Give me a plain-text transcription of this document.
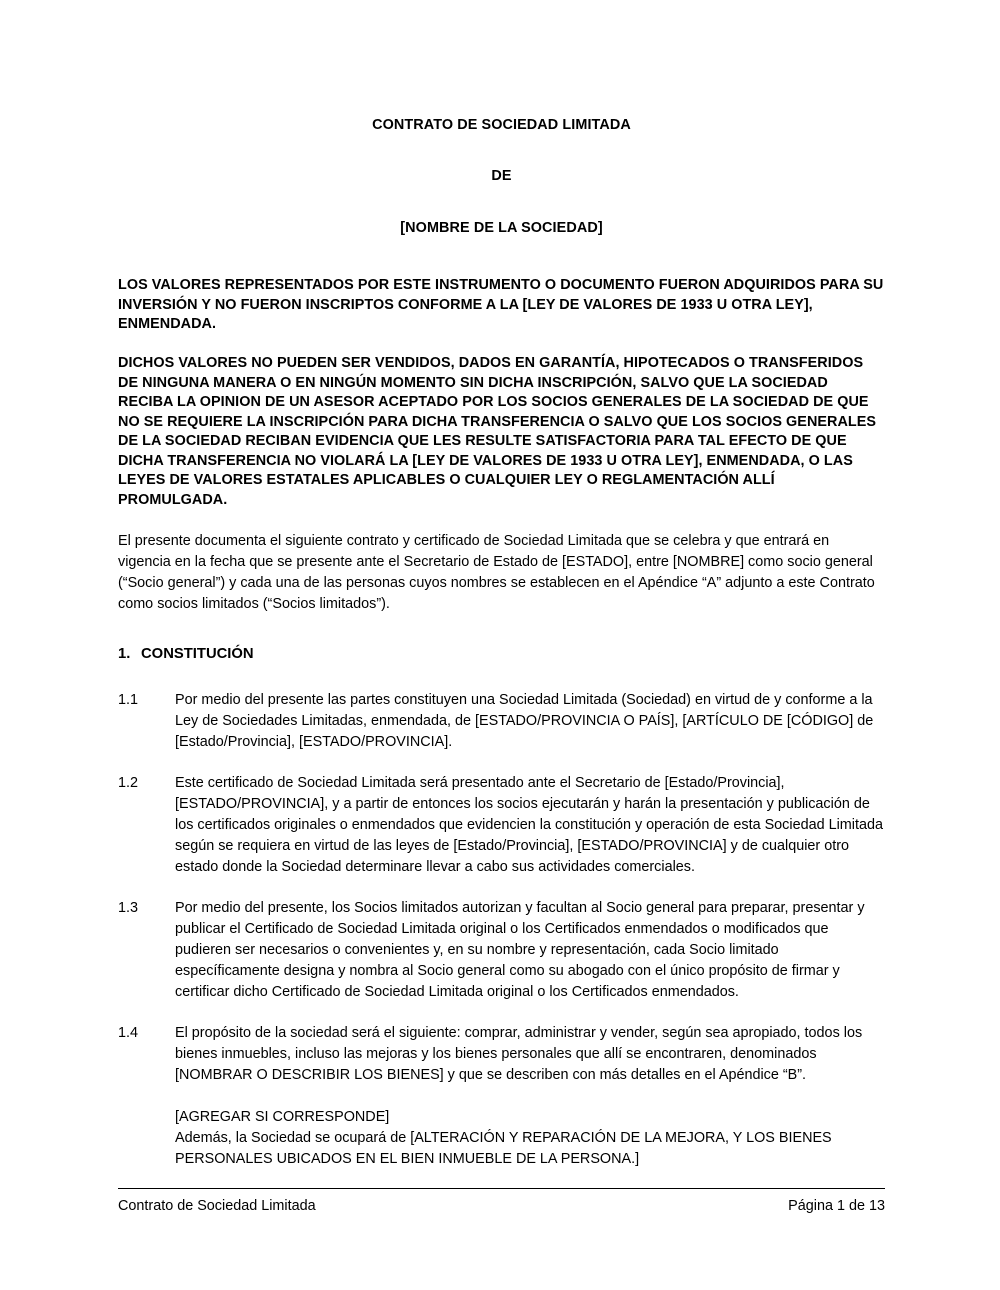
CONTRATO DE SOCIEDAD LIMITADA
DE
[NOMBRE DE LA SOCIEDAD]

LOS VALORES REPRESENTADOS POR ESTE INSTRUMENTO O DOCUMENTO FUERON ADQUIRIDOS PARA SU INVERSIÓN Y NO FUERON INSCRIPTOS CONFORME A LA [LEY DE VALORES DE 1933 U OTRA LEY], ENMENDADA.

DICHOS VALORES NO PUEDEN SER VENDIDOS, DADOS EN GARANTÍA, HIPOTECADOS O TRANSFERIDOS DE NINGUNA MANERA O EN NINGÚN MOMENTO SIN DICHA INSCRIPCIÓN, SALVO QUE LA SOCIEDAD RECIBA LA OPINION DE UN ASESOR ACEPTADO POR LOS SOCIOS GENERALES DE LA SOCIEDAD DE QUE NO SE REQUIERE LA INSCRIPCIÓN PARA DICHA TRANSFERENCIA O SALVO QUE LOS SOCIOS GENERALES DE LA SOCIEDAD RECIBAN EVIDENCIA QUE LES RESULTE SATISFACTORIA PARA TAL EFECTO DE QUE DICHA TRANSFERENCIA NO VIOLARÁ LA [LEY DE VALORES DE 1933 U OTRA LEY], ENMENDADA, O LAS LEYES DE VALORES ESTATALES APLICABLES O CUALQUIER LEY O REGLAMENTACIÓN ALLÍ PROMULGADA.

El presente documenta el siguiente contrato y certificado de Sociedad Limitada que se celebra y que entrará en vigencia en la fecha que se presente ante el Secretario de Estado de [ESTADO], entre [NOMBRE] como socio general (“Socio general”) y cada una de las personas cuyos nombres se establecen en el Apéndice “A” adjunto a este Contrato como socios limitados (“Socios limitados”).

1. CONSTITUCIÓN
1.1	Por medio del presente las partes constituyen una Sociedad Limitada (Sociedad) en virtud de y conforme a la Ley de Sociedades Limitadas, enmendada, de [ESTADO/PROVINCIA O PAÍS], [ARTÍCULO DE [CÓDIGO] de [Estado/Provincia], [ESTADO/PROVINCIA].

1.2	Este certificado de Sociedad Limitada será presentado ante el Secretario de [Estado/Provincia], [ESTADO/PROVINCIA], y a partir de entonces los socios ejecutarán y harán la presentación y publicación de los certificados originales o enmendados que evidencien la constitución y operación de esta Sociedad Limitada según se requiera en virtud de las leyes de [Estado/Provincia], [ESTADO/PROVINCIA] y de cualquier otro estado donde la Sociedad determinare llevar a cabo sus actividades comerciales.

1.3	Por medio del presente, los Socios limitados autorizan y facultan al Socio general para preparar, presentar y publicar el Certificado de Sociedad Limitada original o los Certificados enmendados o modificados que pudieren ser necesarios o convenientes y, en su nombre y representación, cada Socio limitado específicamente designa y nombra al Socio general como su abogado con el único propósito de firmar y certificar dicho Certificado de Sociedad Limitada original o los Certificados enmendados.

1.4	El propósito de la sociedad será el siguiente: comprar, administrar y vender, según sea apropiado, todos los bienes inmuebles, incluso las mejoras y los bienes personales que allí se encontraren, denominados [NOMBRAR O DESCRIBIR LOS BIENES] y que se describen con más detalles en el Apéndice “B”.

[AGREGAR SI CORRESPONDE]
Además, la Sociedad se ocupará de [ALTERACIÓN Y REPARACIÓN DE LA MEJORA, Y LOS BIENES PERSONALES UBICADOS EN EL BIEN INMUEBLE DE LA PERSONA.]

Contrato de Sociedad Limitada	Página 1 de 13
